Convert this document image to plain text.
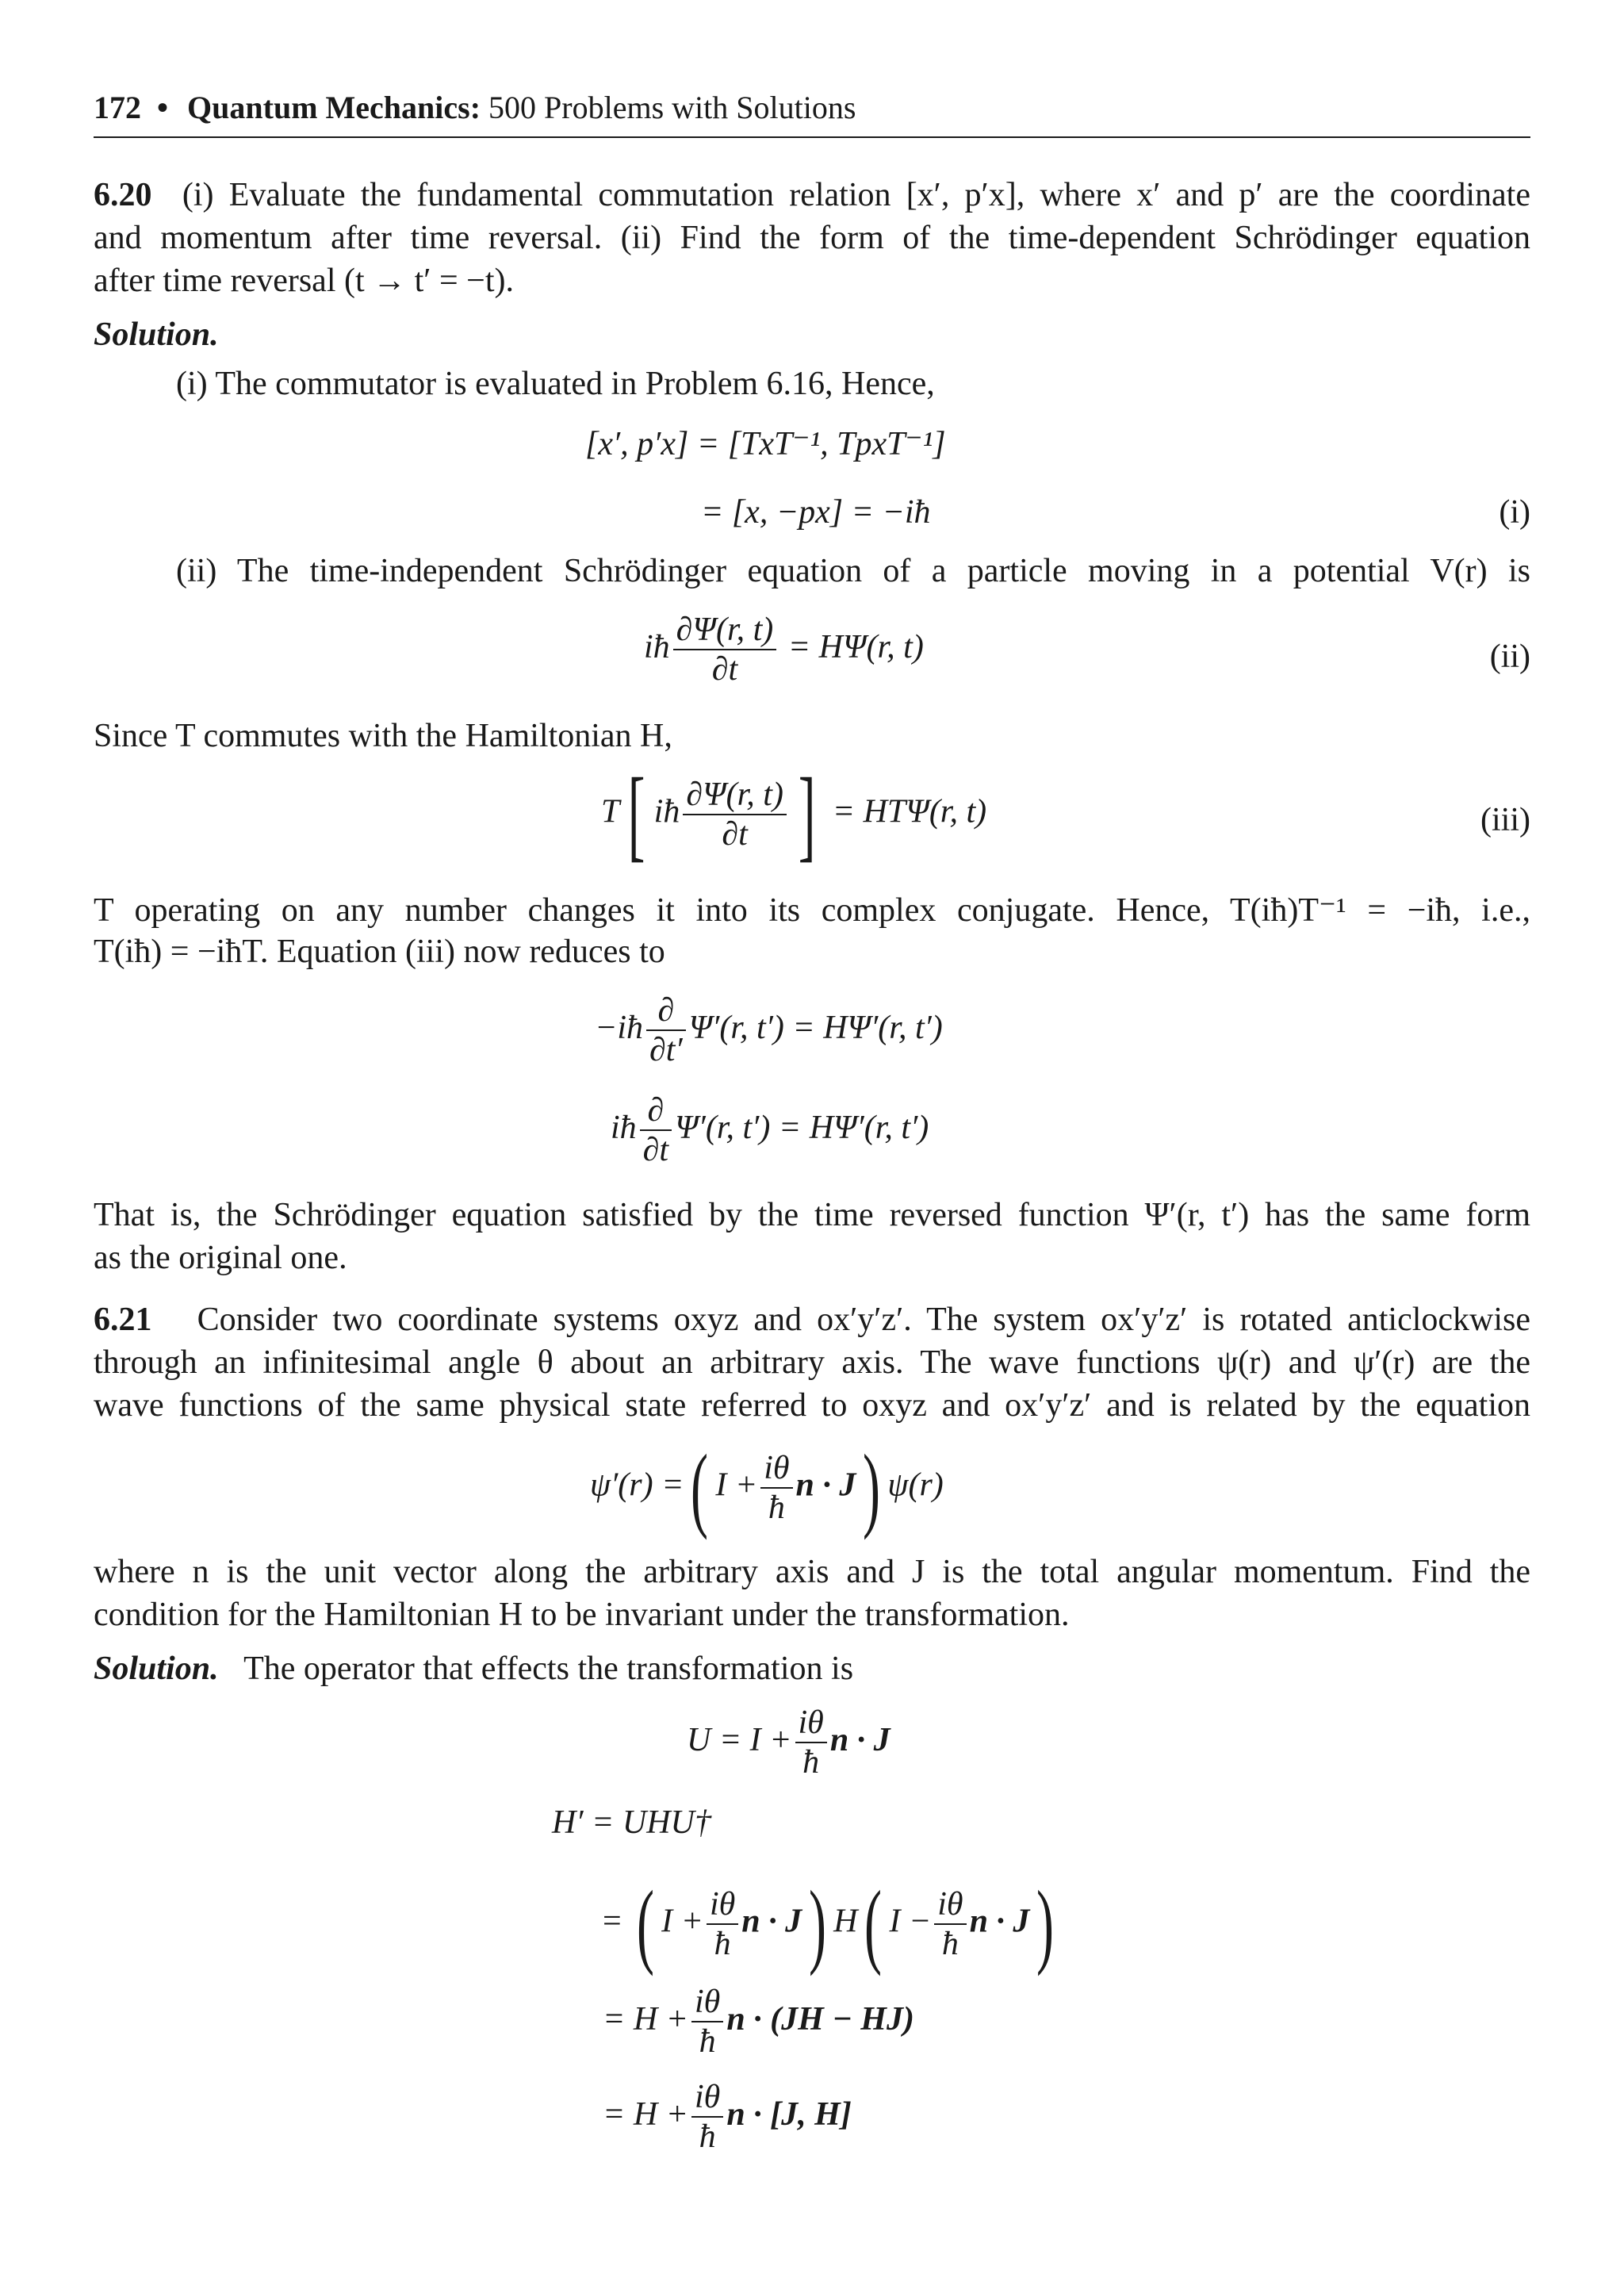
172 • Quantum Mechanics: 500 Problems with Solutions
6.20 (i) Evaluate the fundamental commutation relation [x′, p′x], where x′ and p′ are the coordinate
and momentum after time reversal. (ii) Find the form of the time-dependent Schrödinger equation
after time reversal (t → t′ = −t).
Solution.
(i) The commutator is evaluated in Problem 6.16, Hence,
[x′, p′x] = [TxT⁻¹, TpxT⁻¹]
= [x, −px] = −iħ	(i)
(ii) The time-independent Schrödinger equation of a particle moving in a potential V(r) is
iħ $\frac{\partial\Psi(r, t)}{\partial t} = H\Psi(r$, t)	(ii)
Since T commutes with the Hamiltonian H,
T[ iħ $\frac{\partial\Psi(r, t)}{\partial t}$ ] = HTΨ(r, t)	(iii)
T operating on any number changes it into its complex conjugate. Hence, T(iħ)T⁻¹ = −iħ, i.e.,
T(iħ) = −iħT. Equation (iii) now reduces to
−iħ $\frac{\partial}{\partial t'} \Psi'(r$, t′) = HΨ′(r, t′)
iħ $\frac{\partial}{\partial t} \Psi'(r$, t′) = HΨ′(r, t′)
That is, the Schrödinger equation satisfied by the time reversed function Ψ′(r, t′) has the same form
as the original one.
6.21 Consider two coordinate systems oxyz and ox′y′z′. The system ox′y′z′ is rotated anticlockwise
through an infinitesimal angle θ about an arbitrary axis. The wave functions ψ(r) and ψ′(r) are the
wave functions of the same physical state referred to oxyz and ox′y′z′ and is related by the equation
ψ′(r) =( $I + \frac{i\theta}{ħ}$ n · J) ψ(r)
where n is the unit vector along the arbitrary axis and J is the total angular momentum. Find the
condition for the Hamiltonian H to be invariant under the transformation.
Solution. The operator that effects the transformation is
$U = I + \frac{i\theta}{ħ}$ n · J
H′ = UHU†
= ( $I + \frac{i\theta}{ħ}$ n · J) H( $I - \frac{i\theta}{ħ}$ n · J)
= $H + \frac{i\theta}{ħ}$ n · (JH − HJ)
= $H + \frac{i\theta}{ħ}$ n · [J, H]
